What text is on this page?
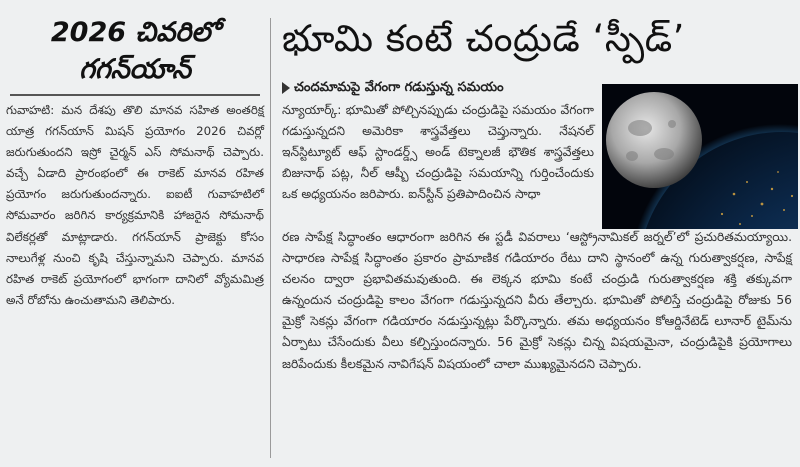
2026 చివరిలో
గగన్‌యాన్
గువాహటి: మన దేశపు తొలి మానవ సహిత అంతరిక్ష యాత్ర గగన్‌యాన్ మిషన్ ప్రయోగం 2026 చివర్లో జరుగుతుందని ఇస్రో చైర్మన్ ఎస్ సోమనాథ్ చెప్పారు. వచ్చే ఏడాది ప్రారంభంలో ఈ రాకెట్ మానవ రహిత ప్రయోగం జరుగుతుందన్నారు. ఐఐటీ గువాహటిలో సోమవారం జరిగిన కార్యక్రమానికి హాజరైన సోమనాథ్ విలేకర్లతో మాట్లాడారు. గగన్‌యాన్ ప్రాజెక్టు కోసం నాలుగేళ్ల నుంచి కృషి చేస్తున్నామని చెప్పారు. మానవ రహిత రాకెట్ ప్రయోగంలో భాగంగా దానిలో వ్యోమమిత్ర అనే రోబోను ఉంచుతామని తెలిపారు.
భూమి కంటే చంద్రుడే ‘స్పీడ్’
చందమామపై వేగంగా గడుస్తున్న సమయం
న్యూయార్క్: భూమితో పోల్చినప్పుడు చంద్రుడిపై సమయం వేగంగా గడుస్తున్నదని అమెరికా శాస్త్రవేత్తలు చెప్తున్నారు. నేషనల్ ఇన్‌స్టిట్యూట్ ఆఫ్ స్టాండర్డ్స్ అండ్ టెక్నాలజీ భౌతిక శాస్త్రవేత్తలు బిజునాథ్ పట్ల, నీల్ ఆష్బీ చంద్రుడిపై సమయాన్ని గుర్తించేందుకు ఒక అధ్యయనం జరిపారు. ఐన్‌స్టీన్ ప్రతిపాదించిన సాధా
రణ సాపేక్ష సిద్ధాంతం ఆధారంగా జరిగిన ఈ స్టడీ వివరాలు ‘ఆస్ట్రోనామికల్ జర్నల్’లో ప్రచురితమయ్యాయి. సాధారణ సాపేక్ష సిద్ధాంతం ప్రకారం ప్రామాణిక గడియారం రేటు దాని స్థానంలో ఉన్న గురుత్వాకర్షణ, సాపేక్ష చలనం ద్వారా ప్రభావితమవుతుంది. ఈ లెక్కన భూమి కంటే చంద్రుడి గురుత్వాకర్షణ శక్తి తక్కువగా ఉన్నందున చంద్రుడిపై కాలం వేగంగా గడుస్తున్నదని వీరు తేల్చారు. భూమితో పోలిస్తే చంద్రుడిపై రోజుకు 56 మైక్రో సెకన్లు వేగంగా గడియారం నడుస్తున్నట్లు పేర్కొన్నారు. తమ అధ్యయనం కోఆర్డినేటెడ్ లూనార్ టైమ్‌ను ఏర్పాటు చేసేందుకు వీలు కల్పిస్తుందన్నారు. 56 మైక్రో సెకన్లు చిన్న విషయమైనా, చంద్రుడిపైకి ప్రయోగాలు జరిపేందుకు కీలకమైన నావిగేషన్ విషయంలో చాలా ముఖ్యమైనదని చెప్పారు.
